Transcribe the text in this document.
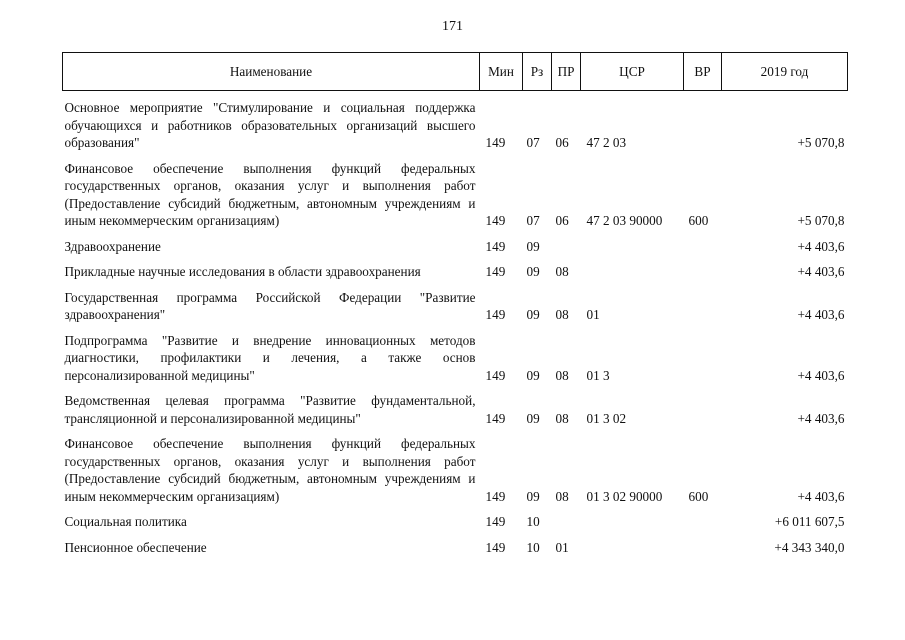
171
Наименование	Мин	Рз	ПР	ЦСР	ВР	2019 год
Основное мероприятие "Стимулирование и социальная поддержка обучающихся и работников образовательных организаций высшего образования"	149	07	06	47 2 03		+5 070,8
Финансовое обеспечение выполнения функций федеральных государственных органов, оказания услуг и выполнения работ (Предоставление субсидий бюджетным, автономным учреждениям и иным некоммерческим организациям)	149	07	06	47 2 03 90000	600	+5 070,8
Здравоохранение	149	09				+4 403,6
Прикладные научные исследования в области здравоохранения	149	09	08			+4 403,6
Государственная программа Российской Федерации "Развитие здравоохранения"	149	09	08	01		+4 403,6
Подпрограмма "Развитие и внедрение инновационных методов диагностики, профилактики и лечения, а также основ персонализированной медицины"	149	09	08	01 3		+4 403,6
Ведомственная целевая программа "Развитие фундаментальной, трансляционной и персонализированной медицины"	149	09	08	01 3 02		+4 403,6
Финансовое обеспечение выполнения функций федеральных государственных органов, оказания услуг и выполнения работ (Предоставление субсидий бюджетным, автономным учреждениям и иным некоммерческим организациям)	149	09	08	01 3 02 90000	600	+4 403,6
Социальная политика	149	10				+6 011 607,5
Пенсионное обеспечение	149	10	01			+4 343 340,0
